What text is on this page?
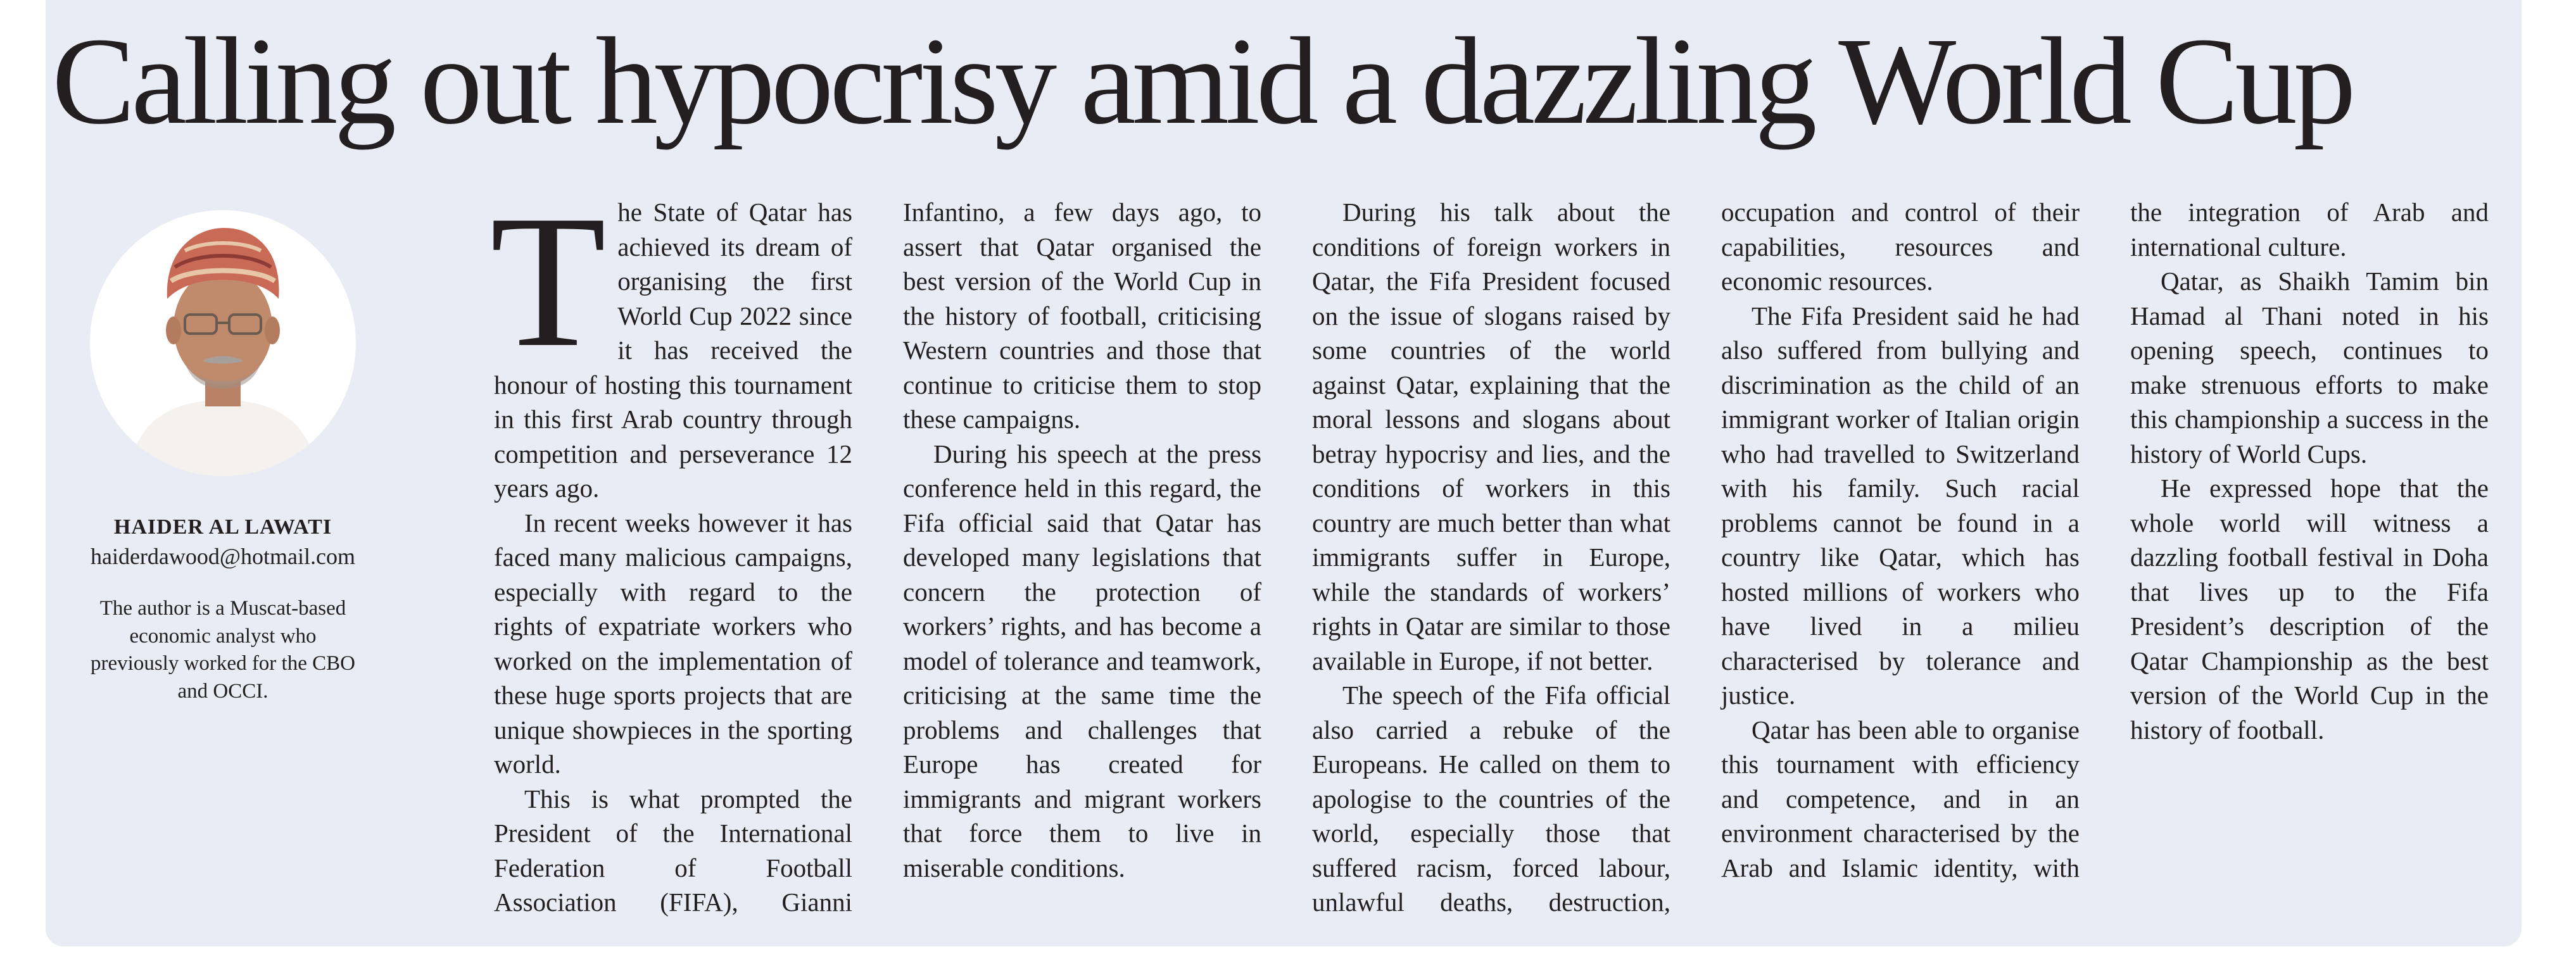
Calling out hypocrisy amid a dazzling World Cup
HAIDER AL LAWATI
haiderdawood@hotmail.com
The author is a Muscat-based economic analyst who previously worked for the CBO and OCCI.

The State of Qatar has achieved its dream of organising the first World Cup 2022 since it has received the honour of hosting this tournament in this first Arab country through competition and perseverance 12 years ago.

In recent weeks however it has faced many malicious campaigns, especially with regard to the rights of expatriate workers who worked on the implementation of these huge sports projects that are unique showpieces in the sporting world.

This is what prompted the President of the International Federation of Football Association (FIFA), Gianni Infantino, a few days ago, to assert that Qatar organised the best version of the World Cup in the history of football, criticising Western countries and those that continue to criticise them to stop these campaigns.

During his speech at the press conference held in this regard, the Fifa official said that Qatar has developed many legislations that concern the protection of workers’ rights, and has become a model of tolerance and teamwork, criticising at the same time the problems and challenges that Europe has created for immigrants and migrant workers that force them to live in miserable conditions.

During his talk about the conditions of foreign workers in Qatar, the Fifa President focused on the issue of slogans raised by some countries of the world against Qatar, explaining that the moral lessons and slogans about betray hypocrisy and lies, and the conditions of workers in this country are much better than what immigrants suffer in Europe, while the standards of workers’ rights in Qatar are similar to those available in Europe, if not better.

The speech of the Fifa official also carried a rebuke of the Europeans. He called on them to apologise to the countries of the world, especially those that suffered racism, forced labour, unlawful deaths, destruction, occupation and control of their capabilities, resources and economic resources.

The Fifa President said he had also suffered from bullying and discrimination as the child of an immigrant worker of Italian origin who had travelled to Switzerland with his family. Such racial problems cannot be found in a country like Qatar, which has hosted millions of workers who have lived in a milieu characterised by tolerance and justice.

Qatar has been able to organise this tournament with efficiency and competence, and in an environment characterised by the Arab and Islamic identity, with the integration of Arab and international culture.

Qatar, as Shaikh Tamim bin Hamad al Thani noted in his opening speech, continues to make strenuous efforts to make this championship a success in the history of World Cups.

He expressed hope that the whole world will witness a dazzling football festival in Doha that lives up to the Fifa President’s description of the Qatar Championship as the best version of the World Cup in the history of football.
